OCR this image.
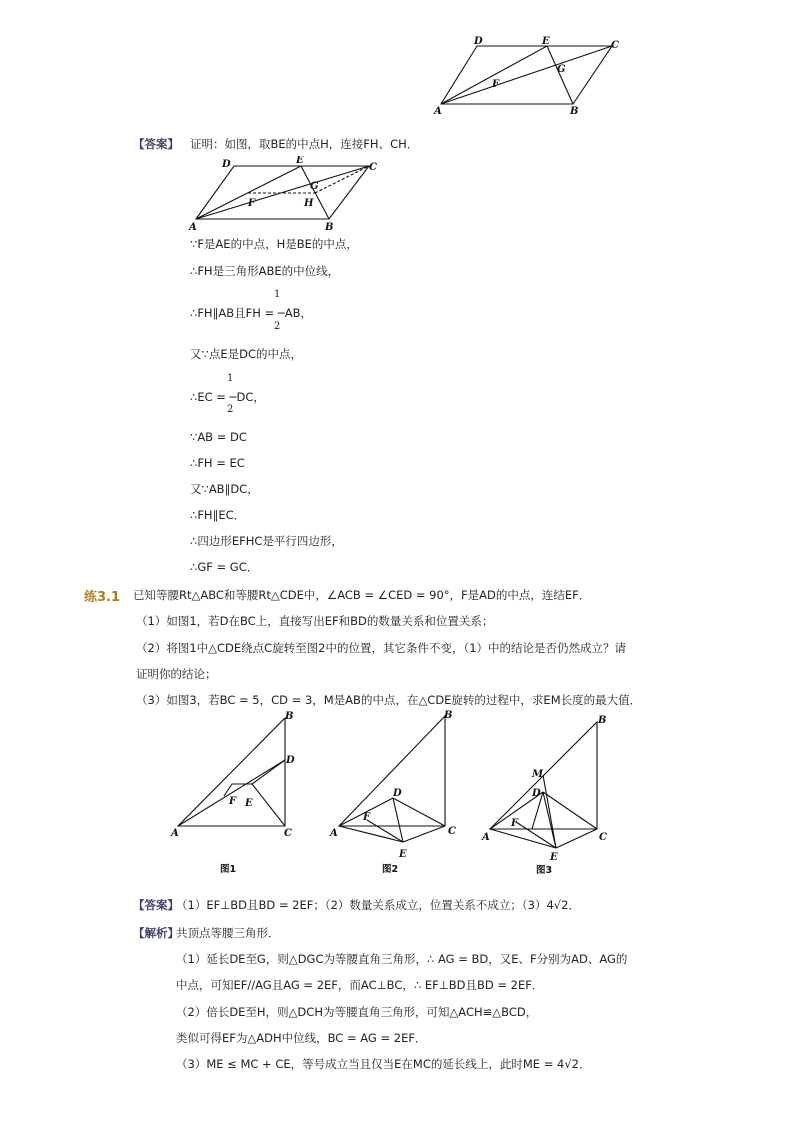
D	E	C
G
F
A	B
【答案】 证明：如图，取BE的中点H，连接FH、CH．
D	E
C
G
F	H
A	B
∵F是AE的中点，H是BE的中点，
∴FH是三角形ABE的中位线，
1
∴FH∥AB且FH = ─AB，
2
又∵点E是DC的中点，
1
∴EC = ─DC，
2
∵AB = DC
∴FH = EC
又∵AB∥DC，
∴FH∥EC．
∴四边形EFHC是平行四边形，
∴GF = GC．
练3.1 已知等腰Rt△ABC和等腰Rt△CDE中，∠ACB = ∠CED = 90°，F是AD的中点，连结EF．
（1）如图1，若D在BC上，直接写出EF和BD的数量关系和位置关系；
（2）将图1中△CDE绕点C旋转至图2中的位置，其它条件不变，（1）中的结论是否仍然成立？请
证明你的结论；
（3）如图3，若BC = 5，CD = 3，M是AB的中点，在△CDE旋转的过程中，求EM长度的最大值．
B
D
F E
A	C
图1
B
D
F
A	C
E
图2
B
M
D
F
A	C
E
图3
【答案】
（1）EF⊥BD且BD = 2EF；（2）数量关系成立，位置关系不成立；（3）4√2．
【解析】
共顶点等腰三角形．
（1）延长DE至G，则△DGC为等腰直角三角形，∴ AG = BD，又E、F分别为AD、AG的
中点，可知EF//AG且AG = 2EF，而AC⊥BC，∴ EF⊥BD且BD = 2EF．
（2）倍长DE至H，则△DCH为等腰直角三角形，可知△ACH≌△BCD，
类似可得EF为△ADH中位线，BC = AG = 2EF．
（3）ME ≤ MC + CE，等号成立当且仅当E在MC的延长线上，此时ME = 4√2．
